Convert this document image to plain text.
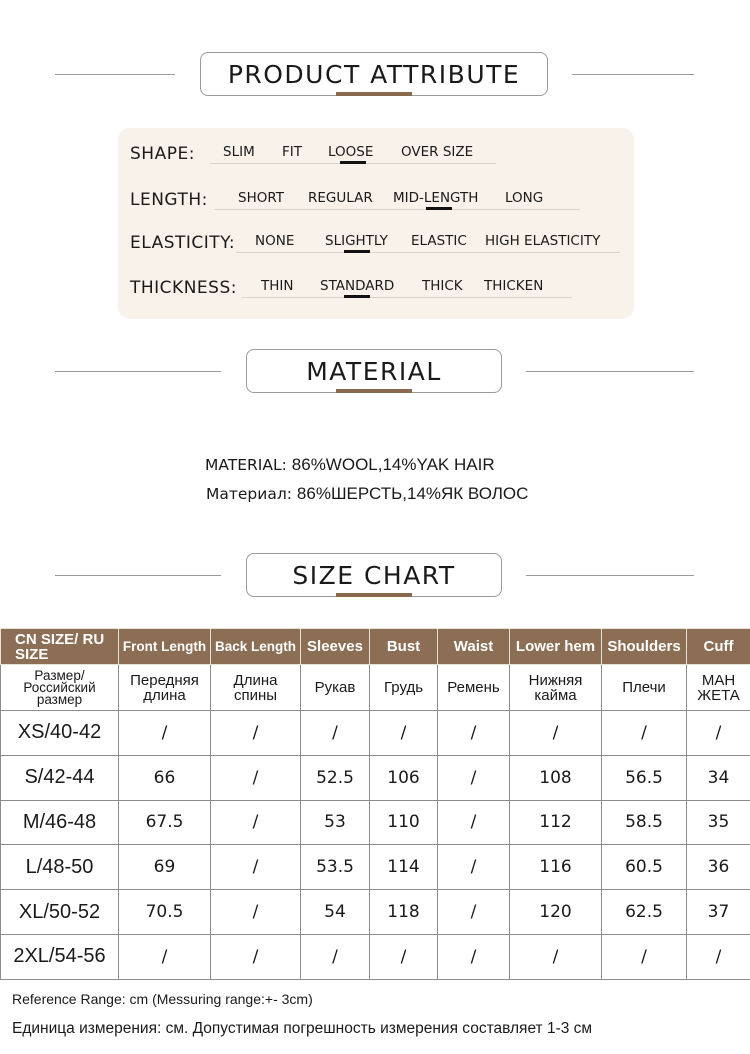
PRODUCT ATTRIBUTE
SHAPE: SLIM FIT LOOSE OVER SIZE
LENGTH: SHORT REGULAR MID-LENGTH LONG
ELASTICITY: NONE SLIGHTLY ELASTIC HIGH ELASTICITY
THICKNESS: THIN STANDARD THICK THICKEN
MATERIAL
MATERIAL: 86%WOOL,14%YAK HAIR
Материал: 86%ШЕРСТЬ,14%ЯК ВОЛОС
SIZE CHART
CN SIZE/ RU SIZE	Front Length	Back Length	Sleeves	Bust	Waist	Lower hem	Shoulders	Cuff
Размер/ Российский размер	Передняя длина	Длина спины	Рукав	Грудь	Ремень	Нижняя кайма	Плечи	МАН ЖЕТА
XS/40-42	/	/	/	/	/	/	/	/
S/42-44	66	/	52.5	106	/	108	56.5	34
M/46-48	67.5	/	53	110	/	112	58.5	35
L/48-50	69	/	53.5	114	/	116	60.5	36
XL/50-52	70.5	/	54	118	/	120	62.5	37
2XL/54-56	/	/	/	/	/	/	/	/
Reference Range: cm (Messuring range:+- 3cm)
Единица измерения: см. Допустимая погрешность измерения составляет 1-3 см
